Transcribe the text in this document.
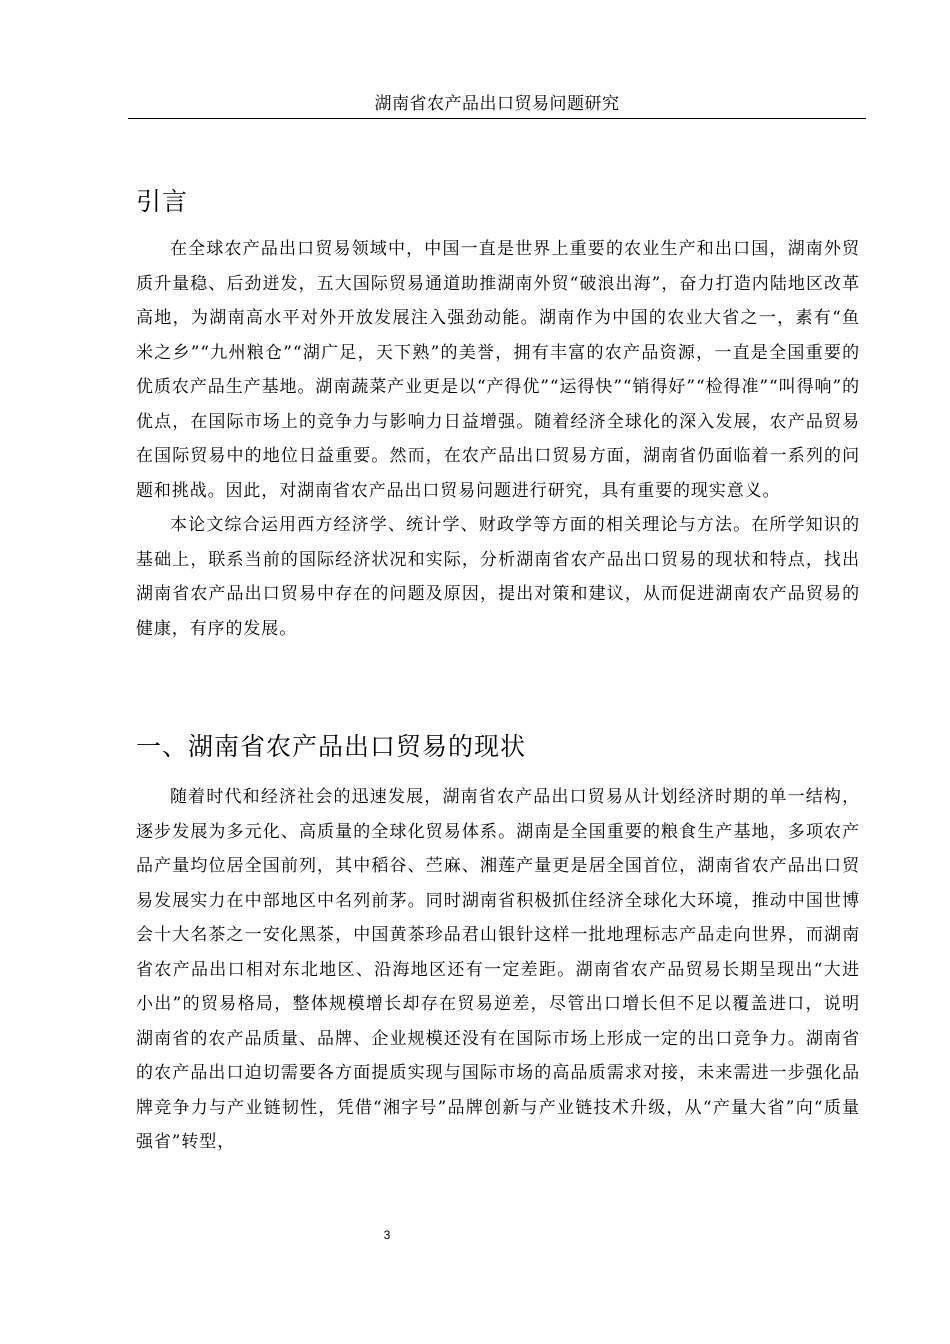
湖南省农产品出口贸易问题研究
引言

在全球农产品出口贸易领域中，中国一直是世界上重要的农业生产和出口国，湖南外贸质升量稳、后劲迸发，五大国际贸易通道助推湖南外贸“破浪出海”，奋力打造内陆地区改革高地，为湖南高水平对外开放发展注入强劲动能。湖南作为中国的农业大省之一，素有“鱼米之乡”“九州粮仓”“湖广足，天下熟”的美誉，拥有丰富的农产品资源，一直是全国重要的优质农产品生产基地。湖南蔬菜产业更是以“产得优”“运得快”“销得好”“检得准”“叫得响”的优点，在国际市场上的竞争力与影响力日益增强。随着经济全球化的深入发展，农产品贸易在国际贸易中的地位日益重要。然而，在农产品出口贸易方面，湖南省仍面临着一系列的问题和挑战。因此，对湖南省农产品出口贸易问题进行研究，具有重要的现实意义。

本论文综合运用西方经济学、统计学、财政学等方面的相关理论与方法。在所学知识的基础上，联系当前的国际经济状况和实际，分析湖南省农产品出口贸易的现状和特点，找出湖南省农产品出口贸易中存在的问题及原因，提出对策和建议，从而促进湖南农产品贸易的健康，有序的发展。

一、湖南省农产品出口贸易的现状

随着时代和经济社会的迅速发展，湖南省农产品出口贸易从计划经济时期的单一结构，逐步发展为多元化、高质量的全球化贸易体系。湖南是全国重要的粮食生产基地，多项农产品产量均位居全国前列，其中稻谷、苎麻、湘莲产量更是居全国首位，湖南省农产品出口贸易发展实力在中部地区中名列前茅。同时湖南省积极抓住经济全球化大环境，推动中国世博会十大名茶之一安化黑茶，中国黄茶珍品君山银针这样一批地理标志产品走向世界，而湖南省农产品出口相对东北地区、沿海地区还有一定差距。湖南省农产品贸易长期呈现出“大进小出”的贸易格局，整体规模增长却存在贸易逆差，尽管出口增长但不足以覆盖进口，说明湖南省的农产品质量、品牌、企业规模还没有在国际市场上形成一定的出口竞争力。湖南省的农产品出口迫切需要各方面提质实现与国际市场的高品质需求对接，未来需进一步强化品牌竞争力与产业链韧性，凭借“湘字号”品牌创新与产业链技术升级，从“产量大省”向“质量强省”转型，

3
